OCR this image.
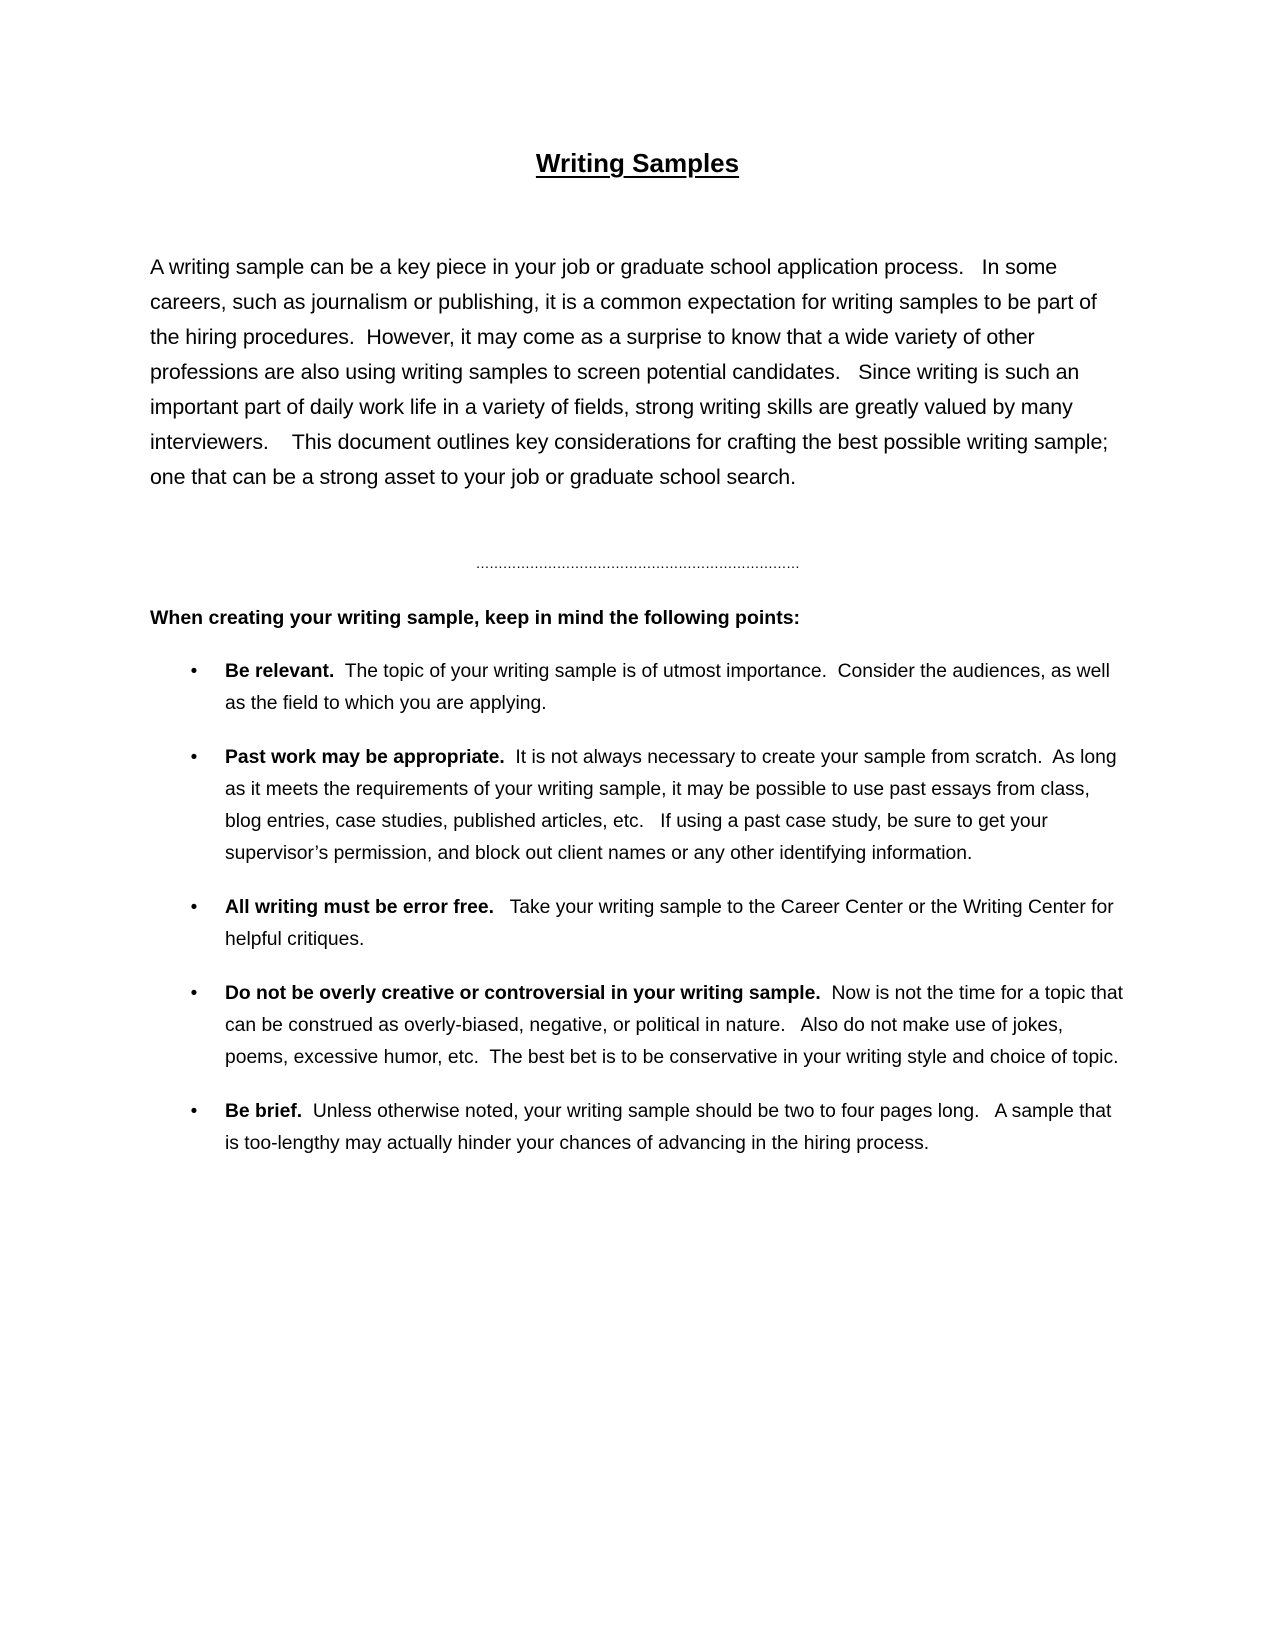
Writing Samples

A writing sample can be a key piece in your job or graduate school application process.   In some careers, such as journalism or publishing, it is a common expectation for writing samples to be part of the hiring procedures.  However, it may come as a surprise to know that a wide variety of other professions are also using writing samples to screen potential candidates.   Since writing is such an important part of daily work life in a variety of fields, strong writing skills are greatly valued by many interviewers.    This document outlines key considerations for crafting the best possible writing sample; one that can be a strong asset to your job or graduate school search.

………………………………………………………………

When creating your writing sample, keep in mind the following points:

•	Be relevant.  The topic of your writing sample is of utmost importance.  Consider the audiences, as well as the field to which you are applying.
•	Past work may be appropriate.  It is not always necessary to create your sample from scratch.  As long as it meets the requirements of your writing sample, it may be possible to use past essays from class, blog entries, case studies, published articles, etc.   If using a past case study, be sure to get your supervisor’s permission, and block out client names or any other identifying information.
•	All writing must be error free.   Take your writing sample to the Career Center or the Writing Center for helpful critiques.
•	Do not be overly creative or controversial in your writing sample.  Now is not the time for a topic that can be construed as overly-biased, negative, or political in nature.   Also do not make use of jokes, poems, excessive humor, etc.  The best bet is to be conservative in your writing style and choice of topic.
•	Be brief.  Unless otherwise noted, your writing sample should be two to four pages long.   A sample that is too-lengthy may actually hinder your chances of advancing in the hiring process.
